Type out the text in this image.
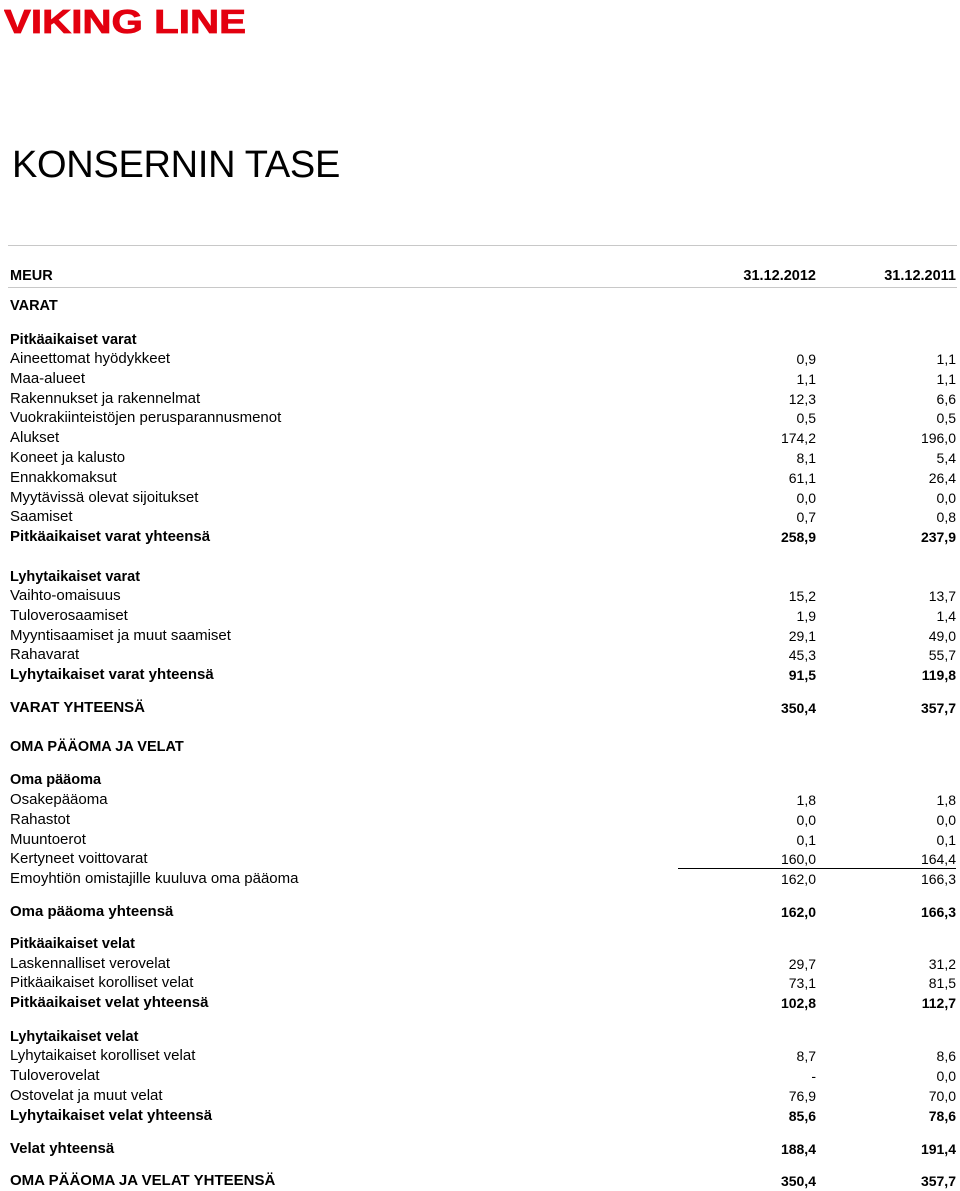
VIKING LINE
KONSERNIN TASE
MEUR	31.12.2012	31.12.2011
VARAT
Pitkäaikaiset varat
Aineettomat hyödykkeet	0,9	1,1
Maa-alueet	1,1	1,1
Rakennukset ja rakennelmat	12,3	6,6
Vuokrakiinteistöjen perusparannusmenot	0,5	0,5
Alukset	174,2	196,0
Koneet ja kalusto	8,1	5,4
Ennakkomaksut	61,1	26,4
Myytävissä olevat sijoitukset	0,0	0,0
Saamiset	0,7	0,8
Pitkäaikaiset varat yhteensä	258,9	237,9
Lyhytaikaiset varat
Vaihto-omaisuus	15,2	13,7
Tuloverosaamiset	1,9	1,4
Myyntisaamiset ja muut saamiset	29,1	49,0
Rahavarat	45,3	55,7
Lyhytaikaiset varat yhteensä	91,5	119,8
VARAT YHTEENSÄ	350,4	357,7
OMA PÄÄOMA JA VELAT
Oma pääoma
Osakepääoma	1,8	1,8
Rahastot	0,0	0,0
Muuntoerot	0,1	0,1
Kertyneet voittovarat	160,0	164,4
Emoyhtiön omistajille kuuluva oma pääoma	162,0	166,3
Oma pääoma yhteensä	162,0	166,3
Pitkäaikaiset velat
Laskennalliset verovelat	29,7	31,2
Pitkäaikaiset korolliset velat	73,1	81,5
Pitkäaikaiset velat yhteensä	102,8	112,7
Lyhytaikaiset velat
Lyhytaikaiset korolliset velat	8,7	8,6
Tuloverovelat	-	0,0
Ostovelat ja muut velat	76,9	70,0
Lyhytaikaiset velat yhteensä	85,6	78,6
Velat yhteensä	188,4	191,4
OMA PÄÄOMA JA VELAT YHTEENSÄ	350,4	357,7
